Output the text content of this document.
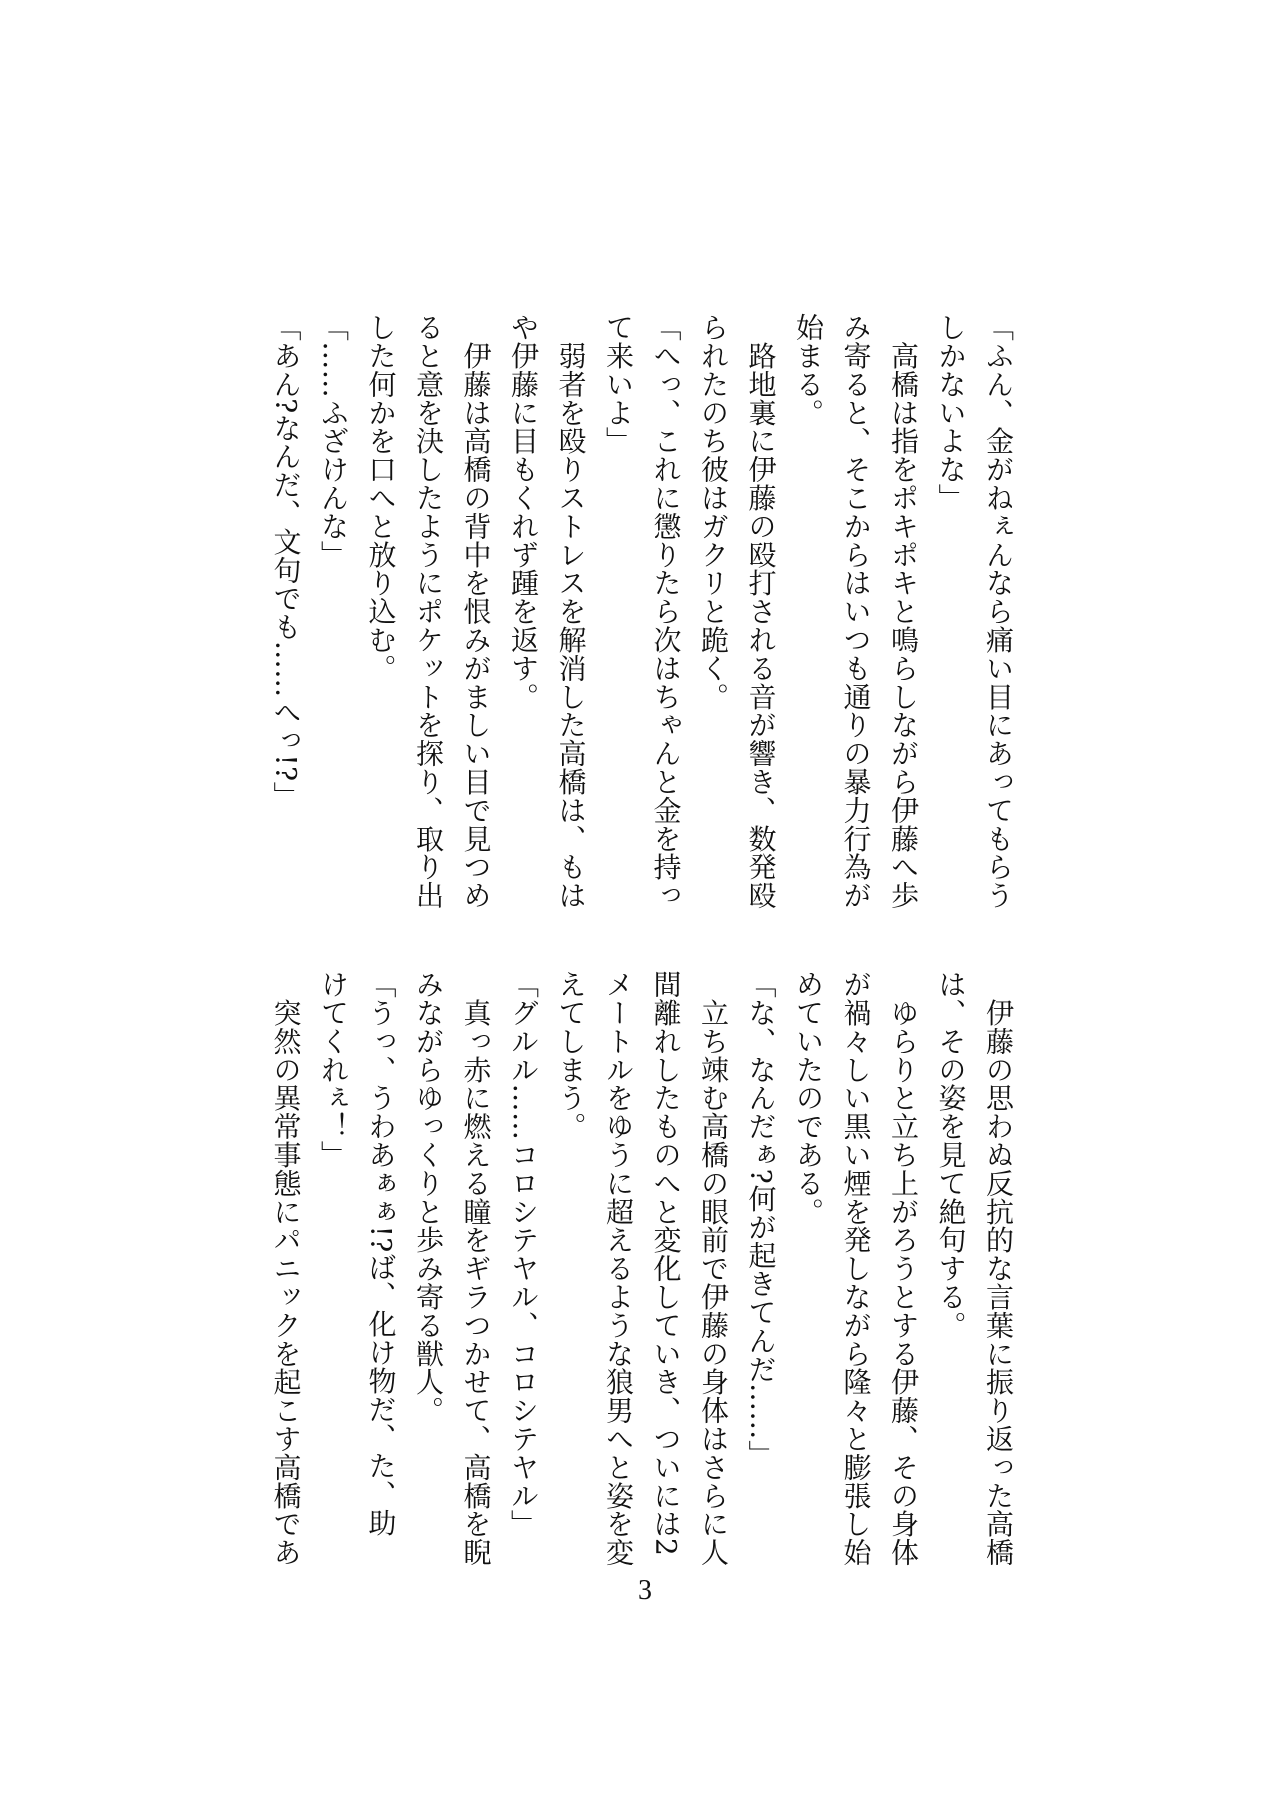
「ふん、金がねぇんなら痛い目にあってもらう
しかないよな」
　高橋は指をポキポキと鳴らしながら伊藤へ歩
み寄ると、そこからはいつも通りの暴力行為が
始まる。
　路地裏に伊藤の殴打される音が響き、数発殴
られたのち彼はガクリと跪く。
「へっ、これに懲りたら次はちゃんと金を持っ
て来いよ」
　弱者を殴りストレスを解消した高橋は、もは
や伊藤に目もくれず踵を返す。
　伊藤は高橋の背中を恨みがましい目で見つめ
ると意を決したようにポケットを探り、取り出
した何かを口へと放り込む。
「……ふざけんな」
「あん?なんだ、文句でも……へっ!?」
　伊藤の思わぬ反抗的な言葉に振り返った高橋
は、その姿を見て絶句する。
　ゆらりと立ち上がろうとする伊藤、その身体
が禍々しい黒い煙を発しながら隆々と膨張し始
めていたのである。
「な、なんだぁ?何が起きてんだ……」
　立ち竦む高橋の眼前で伊藤の身体はさらに人
間離れしたものへと変化していき、ついには2
メートルをゆうに超えるような狼男へと姿を変
えてしまう。
「グルル……コロシテヤル、コロシテヤル」
　真っ赤に燃える瞳をギラつかせて、高橋を睨
みながらゆっくりと歩み寄る獣人。
「うっ、うわあぁぁ!?ば、化け物だ、た、助
けてくれぇ！」
　突然の異常事態にパニックを起こす高橋であ
3
